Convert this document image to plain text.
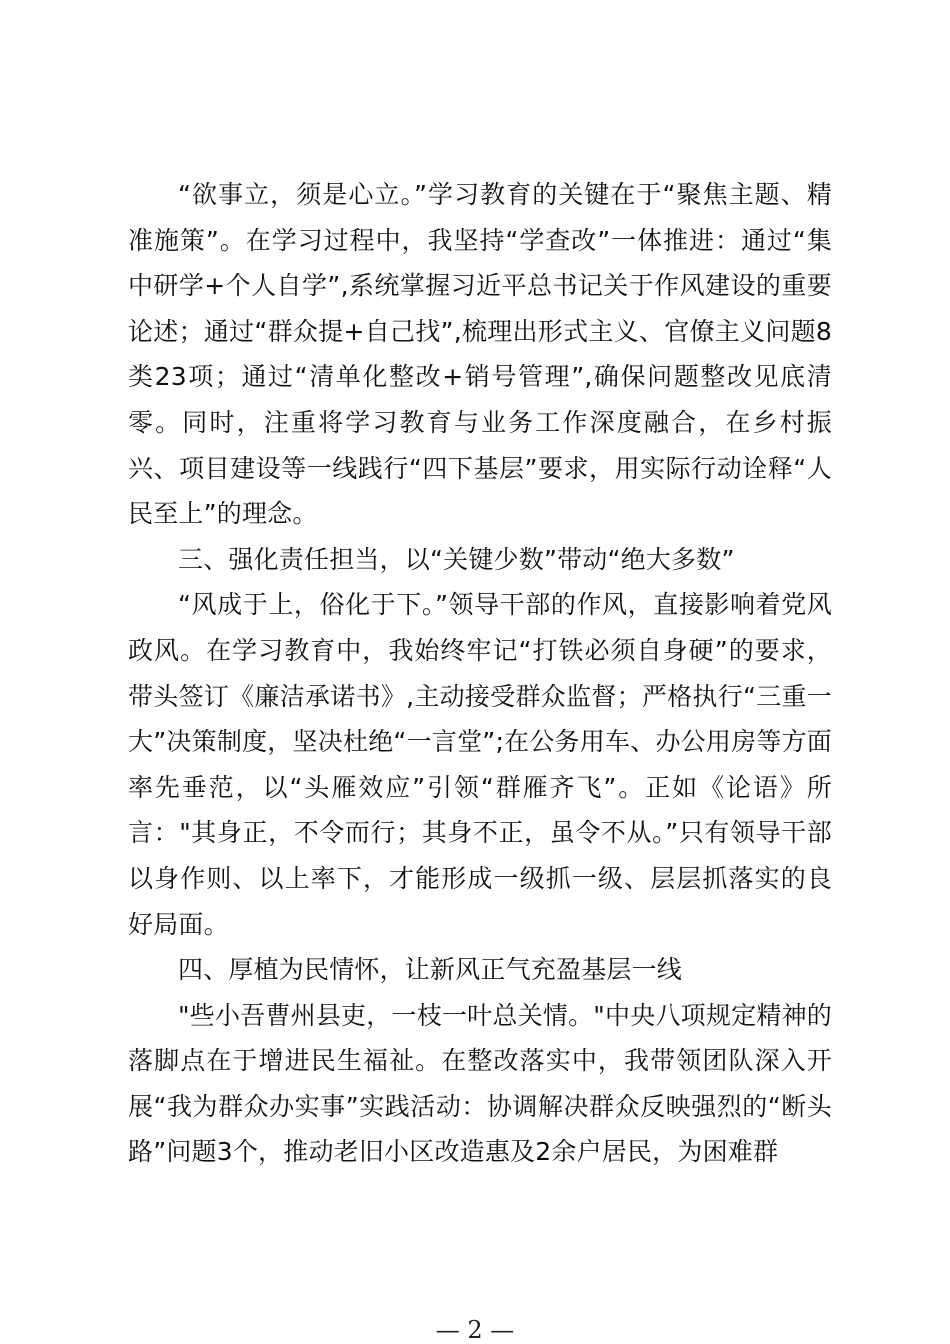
“欲事立，须是心立。”学习教育的关键在于“聚焦主题、精准施策”。在学习过程中，我坚持“学查改”一体推进：通过“集中研学+个人自学”,系统掌握习近平总书记关于作风建设的重要论述；通过“群众提+自己找”,梳理出形式主义、官僚主义问题8类23项；通过“清单化整改+销号管理”,确保问题整改见底清零。同时，注重将学习教育与业务工作深度融合，在乡村振兴、项目建设等一线践行“四下基层”要求，用实际行动诠释“人民至上”的理念。

三、强化责任担当，以“关键少数”带动“绝大多数”

“风成于上，俗化于下。”领导干部的作风，直接影响着党风政风。在学习教育中，我始终牢记“打铁必须自身硬”的要求，带头签订《廉洁承诺书》,主动接受群众监督；严格执行“三重一大”决策制度，坚决杜绝“一言堂”;在公务用车、办公用房等方面率先垂范，以“头雁效应”引领“群雁齐飞”。正如《论语》所言："其身正，不令而行；其身不正，虽令不从。”只有领导干部以身作则、以上率下，才能形成一级抓一级、层层抓落实的良好局面。

四、厚植为民情怀，让新风正气充盈基层一线

"些小吾曹州县吏，一枝一叶总关情。"中央八项规定精神的落脚点在于增进民生福祉。在整改落实中，我带领团队深入开展“我为群众办实事”实践活动：协调解决群众反映强烈的“断头路”问题3个，推动老旧小区改造惠及2余户居民，为困难群

— 2 —
